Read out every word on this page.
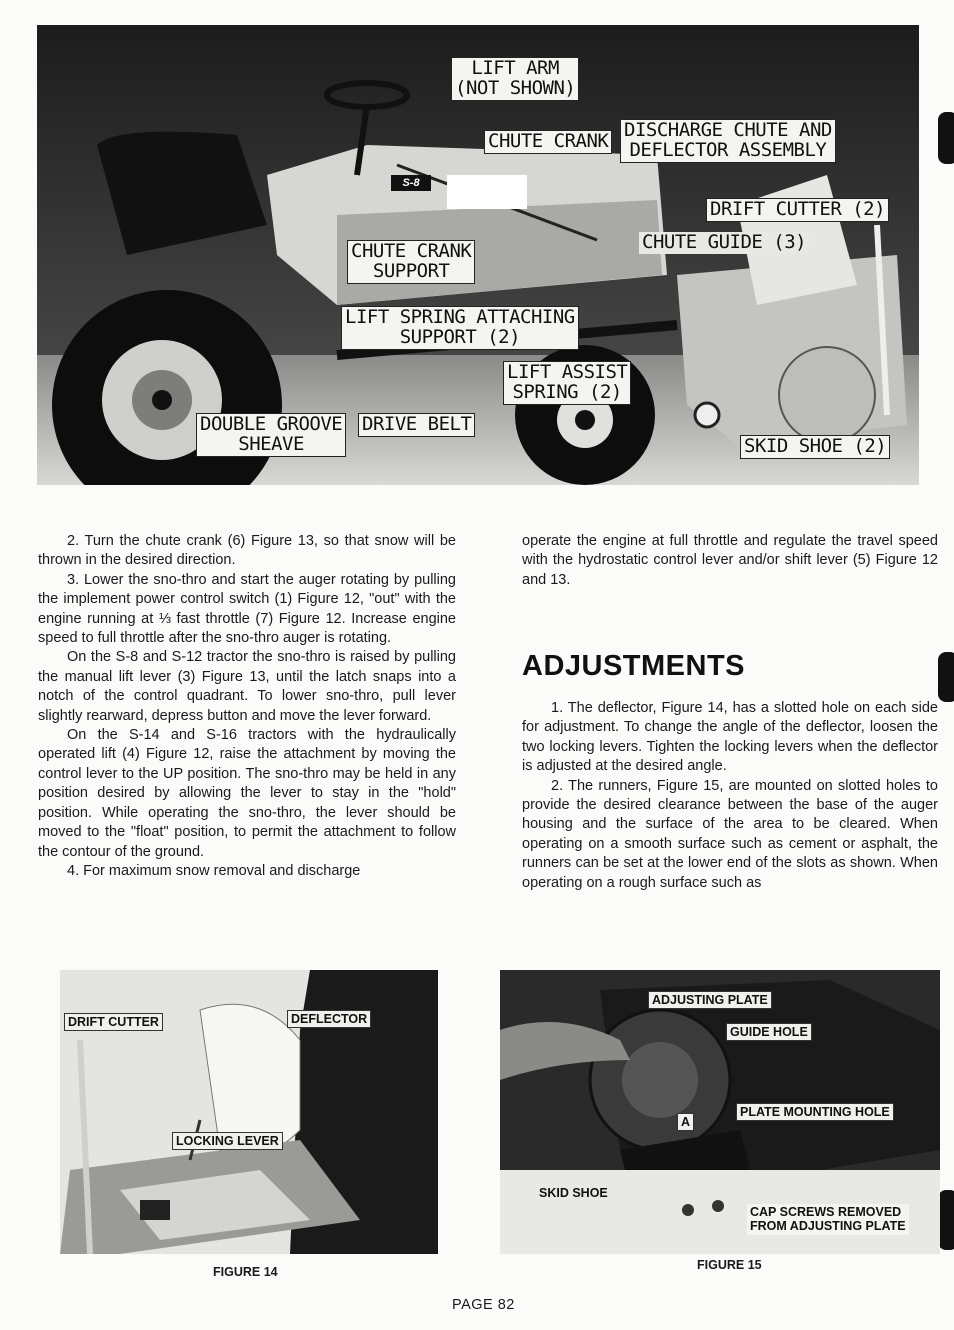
S-8
LIFT ARM
(NOT SHOWN)
CHUTE CRANK DISCHARGE CHUTE AND
DEFLECTOR ASSEMBLY
DRIFT CUTTER (2)
CHUTE CRANK
SUPPORT
CHUTE GUIDE (3)
LIFT SPRING ATTACHING
SUPPORT (2)
LIFT ASSIST
SPRING (2)
DOUBLE GROOVE
SHEAVE
DRIVE BELT
SKID SHOE (2)

2. Turn the chute crank (6) Figure 13, so that snow will be thrown in the desired direction.

3. Lower the sno-thro and start the auger rotating by pulling the implement power control switch (1) Figure 12, "out" with the engine running at ⅓ fast throttle (7) Figure 12. Increase engine speed to full throttle after the sno-thro auger is rotating.

On the S-8 and S-12 tractor the sno-thro is raised by pulling the manual lift lever (3) Figure 13, until the latch snaps into a notch of the control quadrant. To lower sno-thro, pull lever slightly rearward, depress button and move the lever forward.

On the S-14 and S-16 tractors with the hydraulically operated lift (4) Figure 12, raise the attachment by moving the control lever to the UP position. The sno-thro may be held in any position desired by allowing the lever to stay in the "hold" position. While operating the sno-thro, the lever should be moved to the "float" position, to permit the attachment to follow the contour of the ground.

4. For maximum snow removal and discharge

operate the engine at full throttle and regulate the travel speed with the hydrostatic control lever and/or shift lever (5) Figure 12 and 13.

ADJUSTMENTS

1. The deflector, Figure 14, has a slotted hole on each side for adjustment. To change the angle of the deflector, loosen the two locking levers. Tighten the locking levers when the deflector is adjusted at the desired angle.

2. The runners, Figure 15, are mounted on slotted holes to provide the desired clearance between the base of the auger housing and the surface of the area to be cleared. When operating on a smooth surface such as cement or asphalt, the runners can be set at the lower end of the slots as shown. When operating on a rough surface such as

DRIFT CUTTER	DEFLECTOR
LOCKING LEVER
FIGURE 14
ADJUSTING PLATE
GUIDE HOLE
A
PLATE MOUNTING HOLE
SKID SHOE
CAP SCREWS REMOVED
FROM ADJUSTING PLATE
FIGURE 15
PAGE 82
